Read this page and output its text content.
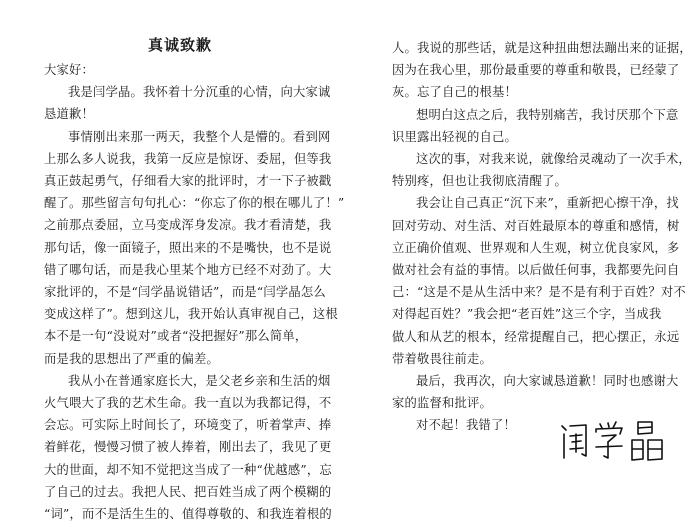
真诚致歉
大家好：
我是闫学晶。我怀着十分沉重的心情，向大家诚
恳道歉！
事情刚出来那一两天，我整个人是懵的。看到网
上那么多人说我，我第一反应是惊讶、委屈，但等我
真正鼓起勇气，仔细看大家的批评时，才一下子被戳
醒了。那些留言句句扎心：“你忘了你的根在哪儿了！”
之前那点委屈，立马变成浑身发凉。我才看清楚，我
那句话，像一面镜子，照出来的不是嘴快，也不是说
错了哪句话，而是我心里某个地方已经不对劲了。大
家批评的，不是“闫学晶说错话”，而是“闫学晶怎么
变成这样了”。想到这儿，我开始认真审视自己，这根
本不是一句“没说对”或者“没把握好”那么简单，
而是我的思想出了严重的偏差。
我从小在普通家庭长大，是父老乡亲和生活的烟
火气喂大了我的艺术生命。我一直以为我都记得，不
会忘。可实际上时间长了，环境变了，听着掌声、捧
着鲜花，慢慢习惯了被人捧着，刚出去了，我见了更
大的世面，却不知不觉把这当成了一种“优越感”，忘
了自己的过去。我把人民、把百姓当成了两个模糊的
“词”，而不是活生生的、值得尊敬的、和我连着根的
人。我说的那些话，就是这种扭曲想法蹦出来的证据，
因为在我心里，那份最重要的尊重和敬畏，已经蒙了
灰。忘了自己的根基！
想明白这点之后，我特别痛苦，我讨厌那个下意
识里露出轻视的自己。
这次的事，对我来说，就像给灵魂动了一次手术，
特别疼，但也让我彻底清醒了。
我会让自己真正“沉下来”，重新把心擦干净，找
回对劳动、对生活、对百姓最原本的尊重和感情，树
立正确价值观、世界观和人生观，树立优良家风，多
做对社会有益的事情。以后做任何事，我都要先问自
己：“这是不是从生活中来？是不是有利于百姓？对不
对得起百姓？”我会把“老百姓”这三个字，当成我
做人和从艺的根本，经常提醒自己，把心摆正，永远
带着敬畏往前走。
最后，我再次，向大家诚恳道歉！同时也感谢大
家的监督和批评。
对不起！我错了！
